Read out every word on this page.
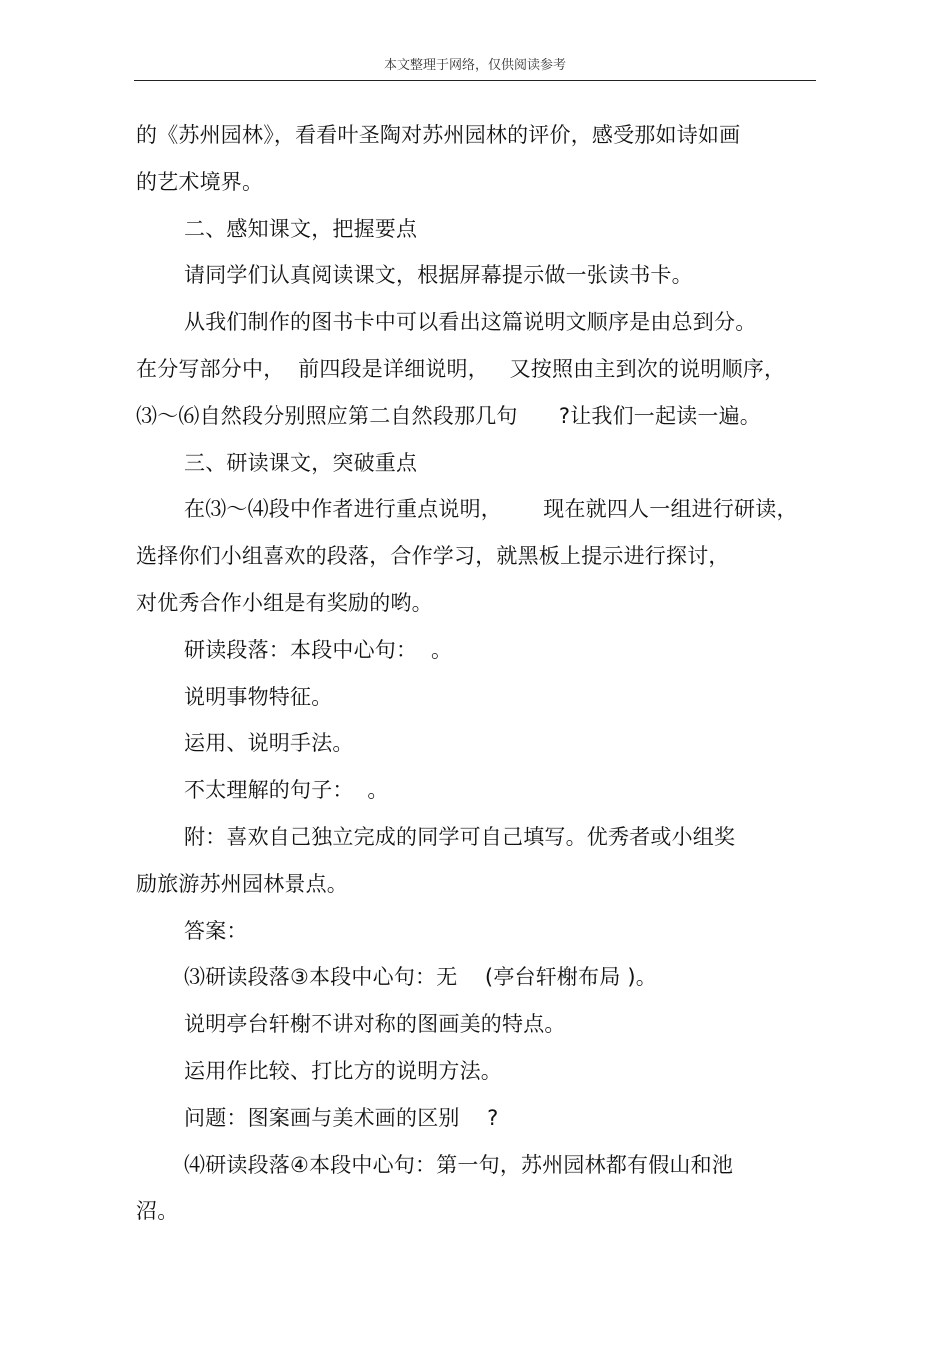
本文整理于网络，仅供阅读参考
的《苏州园林》，看看叶圣陶对苏州园林的评价，感受那如诗如画
的艺术境界。
二、感知课文，把握要点
请同学们认真阅读课文，根据屏幕提示做一张读书卡。
从我们制作的图书卡中可以看出这篇说明文顺序是由总到分。
在分写部分中，  前四段是详细说明，   又按照由主到次的说明顺序，
⑶～⑹自然段分别照应第二自然段那几句      ?让我们一起读一遍。
三、研读课文，突破重点
在⑶～⑷段中作者进行重点说明，      现在就四人一组进行研读，
选择你们小组喜欢的段落，合作学习，就黑板上提示进行探讨，
对优秀合作小组是有奖励的哟。
研读段落：本段中心句：  。
说明事物特征。
运用、说明手法。
不太理解的句子：  。
附：喜欢自己独立完成的同学可自己填写。优秀者或小组奖
励旅游苏州园林景点。
答案：
⑶研读段落③本段中心句：无    (亭台轩榭布局 )。
说明亭台轩榭不讲对称的图画美的特点。
运用作比较、打比方的说明方法。
问题：图案画与美术画的区别    ?
⑷研读段落④本段中心句：第一句，苏州园林都有假山和池
沼。
